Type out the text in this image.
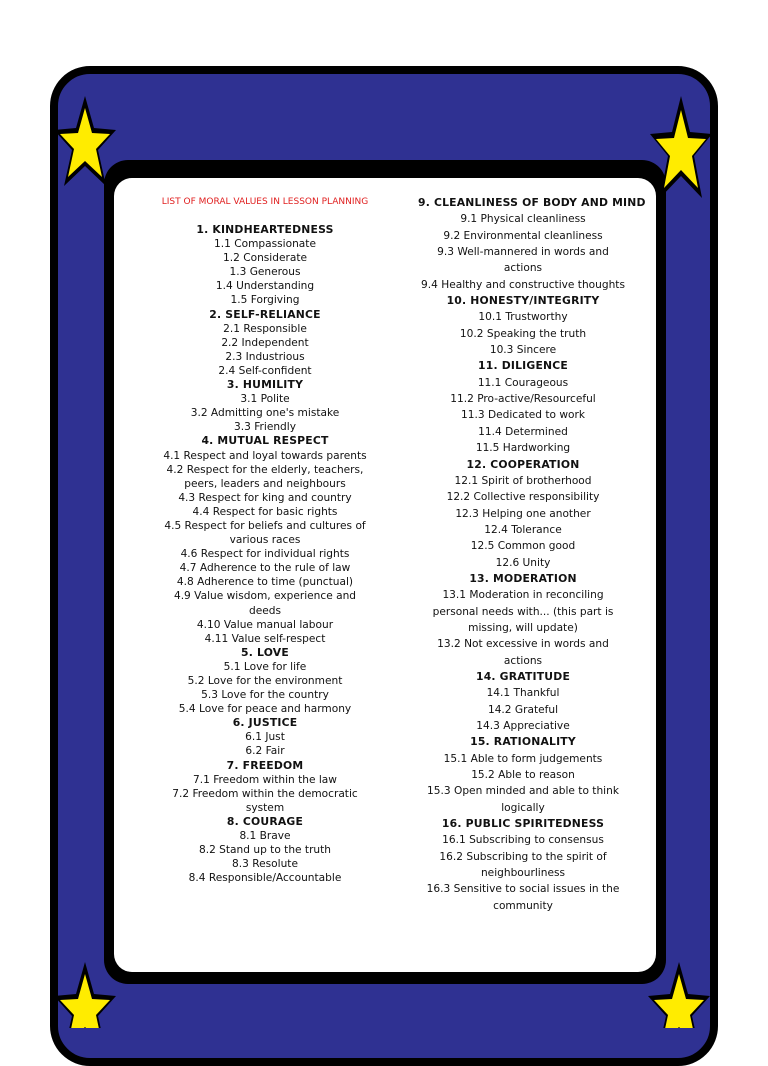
LIST OF MORAL VALUES IN LESSON PLANNING
1. KINDHEARTEDNESS
1.1 Compassionate
1.2 Considerate
1.3 Generous
1.4 Understanding
1.5 Forgiving
2. SELF-RELIANCE
2.1 Responsible
2.2 Independent
2.3 Industrious
2.4 Self-confident
3. HUMILITY
3.1 Polite
3.2 Admitting one's mistake
3.3 Friendly
4. MUTUAL RESPECT
4.1 Respect and loyal towards parents
4.2 Respect for the elderly, teachers, peers, leaders and neighbours
4.3 Respect for king and country
4.4 Respect for basic rights
4.5 Respect for beliefs and cultures of various races
4.6 Respect for individual rights
4.7 Adherence to the rule of law
4.8 Adherence to time (punctual)
4.9 Value wisdom, experience and deeds
4.10 Value manual labour
4.11 Value self-respect
5. LOVE
5.1 Love for life
5.2 Love for the environment
5.3 Love for the country
5.4 Love for peace and harmony
6. JUSTICE
6.1 Just
6.2 Fair
7. FREEDOM
7.1 Freedom within the law
7.2 Freedom within the democratic system
8. COURAGE
8.1 Brave
8.2 Stand up to the truth
8.3 Resolute
8.4 Responsible/Accountable
9. CLEANLINESS OF BODY AND MIND
9.1 Physical cleanliness
9.2 Environmental cleanliness
9.3 Well-mannered in words and actions
9.4 Healthy and constructive thoughts
10. HONESTY/INTEGRITY
10.1 Trustworthy
10.2 Speaking the truth
10.3 Sincere
11. DILIGENCE
11.1 Courageous
11.2 Pro-active/Resourceful
11.3 Dedicated to work
11.4 Determined
11.5 Hardworking
12. COOPERATION
12.1 Spirit of brotherhood
12.2 Collective responsibility
12.3 Helping one another
12.4 Tolerance
12.5 Common good
12.6 Unity
13. MODERATION
13.1 Moderation in reconciling personal needs with... (this part is missing, will update)
13.2 Not excessive in words and actions
14. GRATITUDE
14.1 Thankful
14.2 Grateful
14.3 Appreciative
15. RATIONALITY
15.1 Able to form judgements
15.2 Able to reason
15.3 Open minded and able to think logically
16. PUBLIC SPIRITEDNESS
16.1 Subscribing to consensus
16.2 Subscribing to the spirit of neighbourliness
16.3 Sensitive to social issues in the community
